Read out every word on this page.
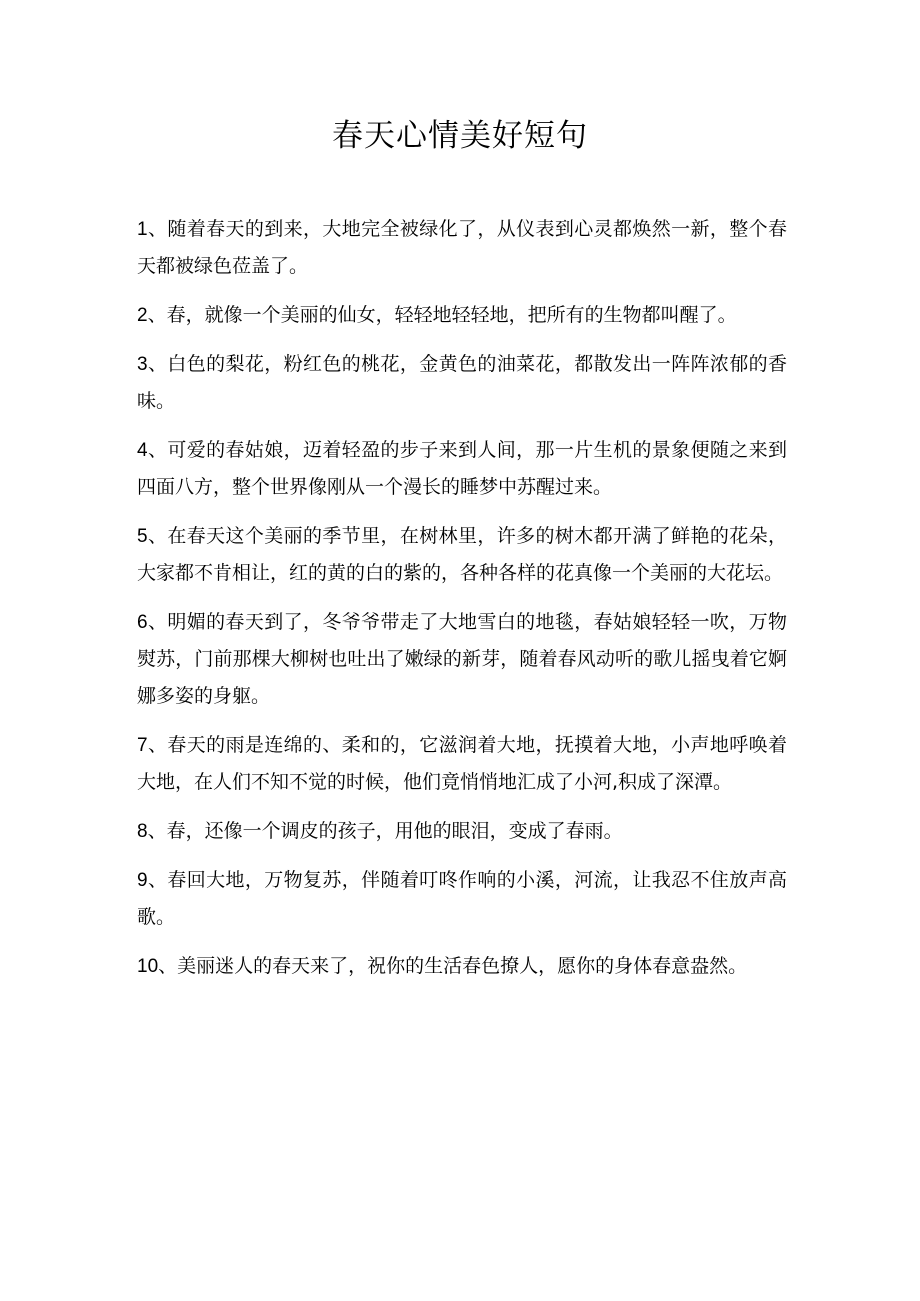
春天心情美好短句

1、随着春天的到来，大地完全被绿化了，从仪表到心灵都焕然一新，整个春天都被绿色莅盖了。

2、春，就像一个美丽的仙女，轻轻地轻轻地，把所有的生物都叫醒了。

3、白色的梨花，粉红色的桃花，金黄色的油菜花，都散发出一阵阵浓郁的香味。

4、可爱的春姑娘，迈着轻盈的步子来到人间，那一片生机的景象便随之来到四面八方，整个世界像刚从一个漫长的睡梦中苏醒过来。

5、在春天这个美丽的季节里，在树林里，许多的树木都开满了鲜艳的花朵，大家都不肯相让，红的黄的白的紫的，各种各样的花真像一个美丽的大花坛。

6、明媚的春天到了，冬爷爷带走了大地雪白的地毯，春姑娘轻轻一吹，万物熨苏，门前那棵大柳树也吐出了嫩绿的新芽，随着春风动听的歌儿摇曳着它婀娜多姿的身躯。

7、春天的雨是连绵的、柔和的，它滋润着大地，抚摸着大地，小声地呼唤着大地，在人们不知不觉的时候，他们竟悄悄地汇成了小河,积成了深潭。

8、春，还像一个调皮的孩子，用他的眼泪，变成了春雨。

9、春回大地，万物复苏，伴随着叮咚作响的小溪，河流，让我忍不住放声高歌。

10、美丽迷人的春天来了，祝你的生活春色撩人，愿你的身体春意盎然。
